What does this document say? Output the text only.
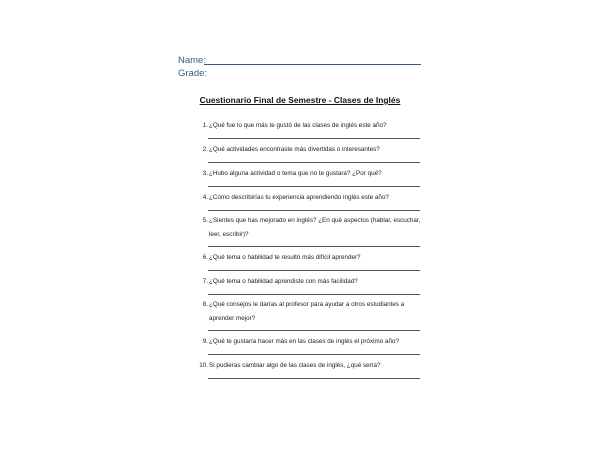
Name:
Grade:
Cuestionario Final de Semestre - Clases de Inglés
1.¿Qué fue lo que más te gustó de las clases de inglés este año?
2.¿Qué actividades encontraste más divertidas o interesantes?
3.¿Hubo alguna actividad o tema que no te gustara? ¿Por qué?
4.¿Cómo describirías tu experiencia aprendiendo inglés este año?
5.¿Sientes que has mejorado en inglés? ¿En qué aspectos (hablar, escuchar, leer, escribir)?
6.¿Qué tema o habilidad te resultó más difícil aprender?
7.¿Qué tema o habilidad aprendiste con más facilidad?
8.¿Qué consejos le darías al profesor para ayudar a otros estudiantes a aprender mejor?
9.¿Qué te gustaría hacer más en las clases de inglés el próximo año?
10.Si pudieras cambiar algo de las clases de inglés, ¿qué sería?
